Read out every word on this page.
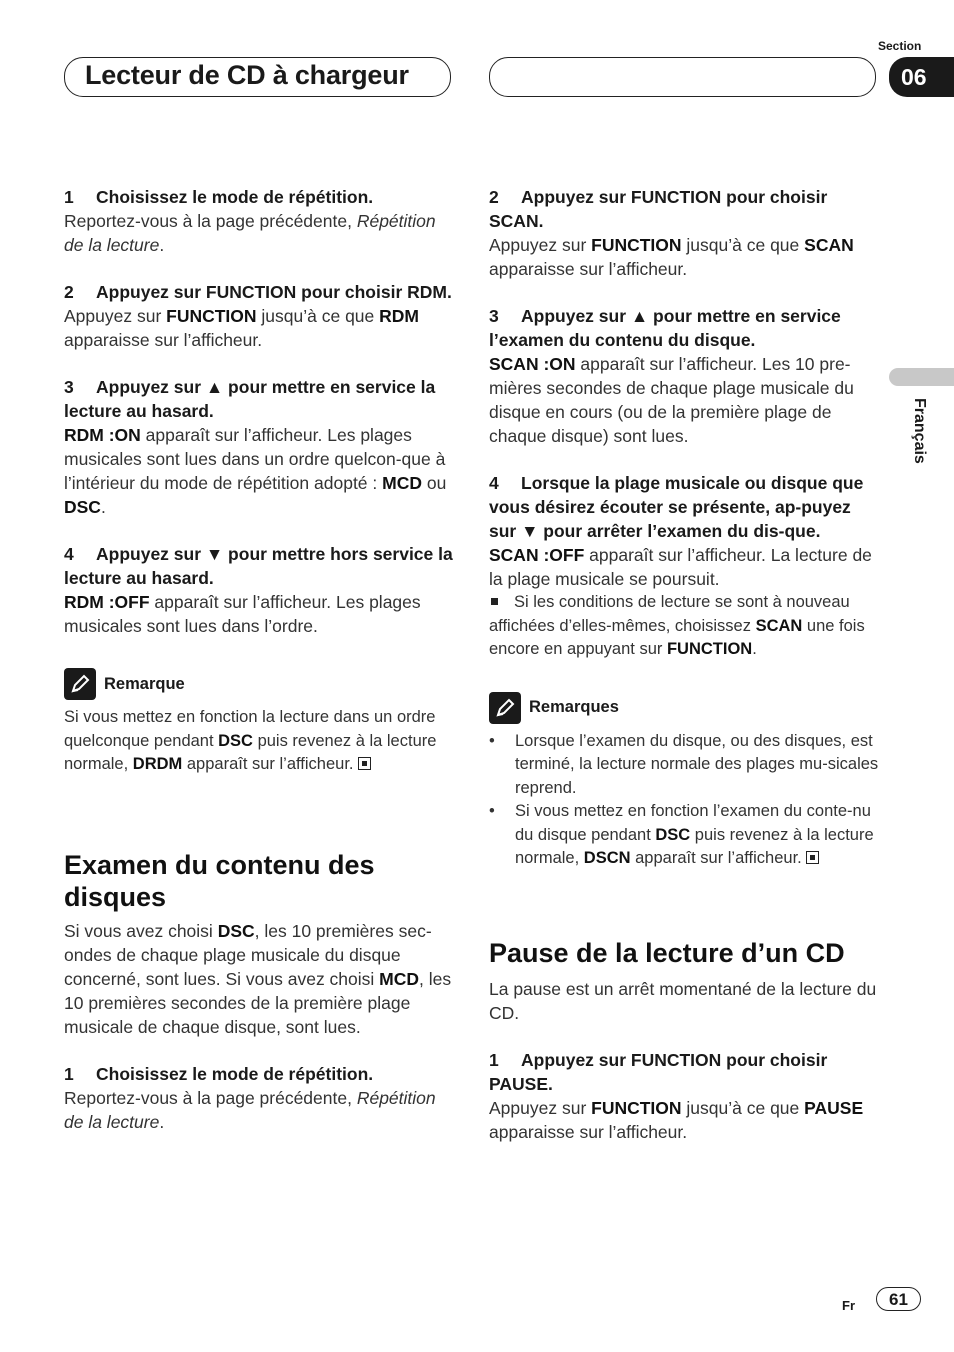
Lecteur de CD à chargeur
Section
06
Français

1 Choisissez le mode de répétition.

Reportez-vous à la page précédente, Répétition de la lecture.

2 Appuyez sur FUNCTION pour choisir RDM.

Appuyez sur FUNCTION jusqu’à ce que RDM apparaisse sur l’afficheur.

3 Appuyez sur ▲ pour mettre en service la lecture au hasard.

RDM :ON apparaît sur l’afficheur. Les plages musicales sont lues dans un ordre quelcon-que à l’intérieur du mode de répétition adopté : MCD ou DSC.

4 Appuyez sur ▼ pour mettre hors service la lecture au hasard.

RDM :OFF apparaît sur l’afficheur. Les plages musicales sont lues dans l’ordre.

Remarque

Si vous mettez en fonction la lecture dans un ordre quelconque pendant DSC puis revenez à la lecture normale, DRDM apparaît sur l’afficheur.

Examen du contenu des disques

Si vous avez choisi DSC, les 10 premières sec-ondes de chaque plage musicale du disque concerné, sont lues. Si vous avez choisi MCD, les 10 premières secondes de la première plage musicale de chaque disque, sont lues.

1 Choisissez le mode de répétition.

Reportez-vous à la page précédente, Répétition de la lecture.

2 Appuyez sur FUNCTION pour choisir SCAN.

Appuyez sur FUNCTION jusqu’à ce que SCAN apparaisse sur l’afficheur.

3 Appuyez sur ▲ pour mettre en service l’examen du contenu du disque.

SCAN :ON apparaît sur l’afficheur. Les 10 pre-mières secondes de chaque plage musicale du disque en cours (ou de la première plage de chaque disque) sont lues.

4 Lorsque la plage musicale ou disque que vous désirez écouter se présente, ap-puyez sur ▼ pour arrêter l’examen du dis-que.

SCAN :OFF apparaît sur l’afficheur. La lecture de la plage musicale se poursuit.

Si les conditions de lecture se sont à nouveau affichées d’elles-mêmes, choisissez SCAN une fois encore en appuyant sur FUNCTION.

Remarques

• Lorsque l’examen du disque, ou des disques, est terminé, la lecture normale des plages mu-sicales reprend.

• Si vous mettez en fonction l’examen du conte-nu du disque pendant DSC puis revenez à la lecture normale, DSCN apparaît sur l’afficheur.

Pause de la lecture d’un CD

La pause est un arrêt momentané de la lecture du CD.

1 Appuyez sur FUNCTION pour choisir PAUSE.

Appuyez sur FUNCTION jusqu’à ce que PAUSE apparaisse sur l’afficheur.

Fr	61
